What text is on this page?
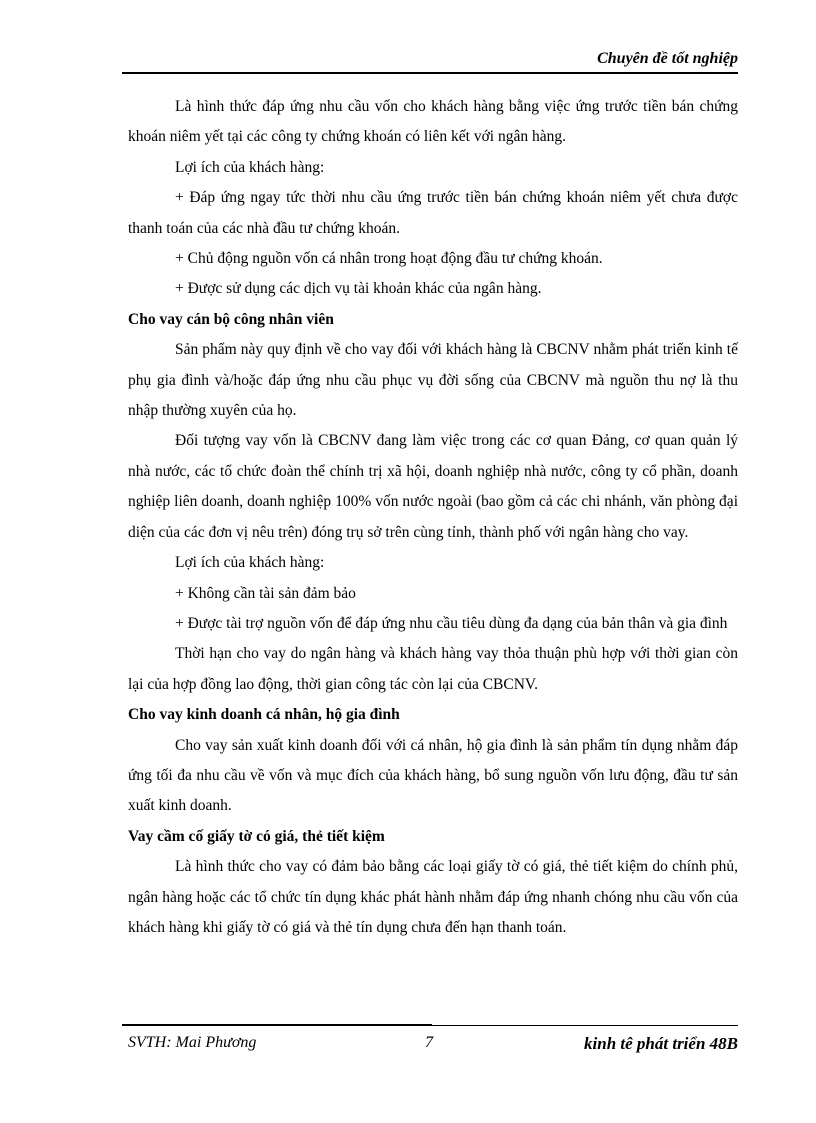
Chuyên đề tốt nghiệp

Là hình thức đáp ứng nhu cầu vốn cho khách hàng bằng việc ứng trước tiền bán chứng khoán niêm yết tại các công ty chứng khoán có liên kết với ngân hàng.

Lợi ích của khách hàng:

+ Đáp ứng ngay tức thời nhu cầu ứng trước tiền bán chứng khoán niêm yết chưa được thanh toán của các nhà đầu tư chứng khoán.

+ Chủ động nguồn vốn cá nhân trong hoạt động đầu tư chứng khoán.

+ Được sử dụng các dịch vụ tài khoản khác của ngân hàng.

Cho vay cán bộ công nhân viên

Sản phẩm này quy định về cho vay đối với khách hàng là CBCNV nhằm phát triển kinh tế phụ gia đình và/hoặc đáp ứng nhu cầu phục vụ đời sống của CBCNV mà nguồn thu nợ là thu nhập thường xuyên của họ.

Đối tượng vay vốn là CBCNV đang làm việc trong các cơ quan Đảng, cơ quan quản lý nhà nước, các tổ chức đoàn thể chính trị xã hội, doanh nghiệp nhà nước, công ty cổ phần, doanh nghiệp liên doanh, doanh nghiệp 100% vốn nước ngoài (bao gồm cả các chi nhánh, văn phòng đại diện của các đơn vị nêu trên) đóng trụ sở trên cùng tỉnh, thành phố với ngân hàng cho vay.

Lợi ích của khách hàng:

+ Không cần tài sản đảm bảo

+ Được tài trợ nguồn vốn để đáp ứng nhu cầu tiêu dùng đa dạng của bản thân và gia đình

Thời hạn cho vay do ngân hàng và khách hàng vay thỏa thuận phù hợp với thời gian còn lại của hợp đồng lao động, thời gian công tác còn lại của CBCNV.

Cho vay kinh doanh cá nhân, hộ gia đình

Cho vay sản xuất kinh doanh đối với cá nhân, hộ gia đình là sản phẩm tín dụng nhằm đáp ứng tối đa nhu cầu về vốn và mục đích của khách hàng, bổ sung nguồn vốn lưu động, đầu tư sản xuất kinh doanh.

Vay cầm cố giấy tờ có giá, thẻ tiết kiệm

Là hình thức cho vay có đảm bảo bằng các loại giấy tờ có giá, thẻ tiết kiệm do chính phủ, ngân hàng hoặc các tổ chức tín dụng khác phát hành nhằm đáp ứng nhanh chóng nhu cầu vốn của khách hàng khi giấy tờ có giá và thẻ tín dụng chưa đến hạn thanh toán.

SVTH: Mai Phương	7	kinh tê phát triển 48B
